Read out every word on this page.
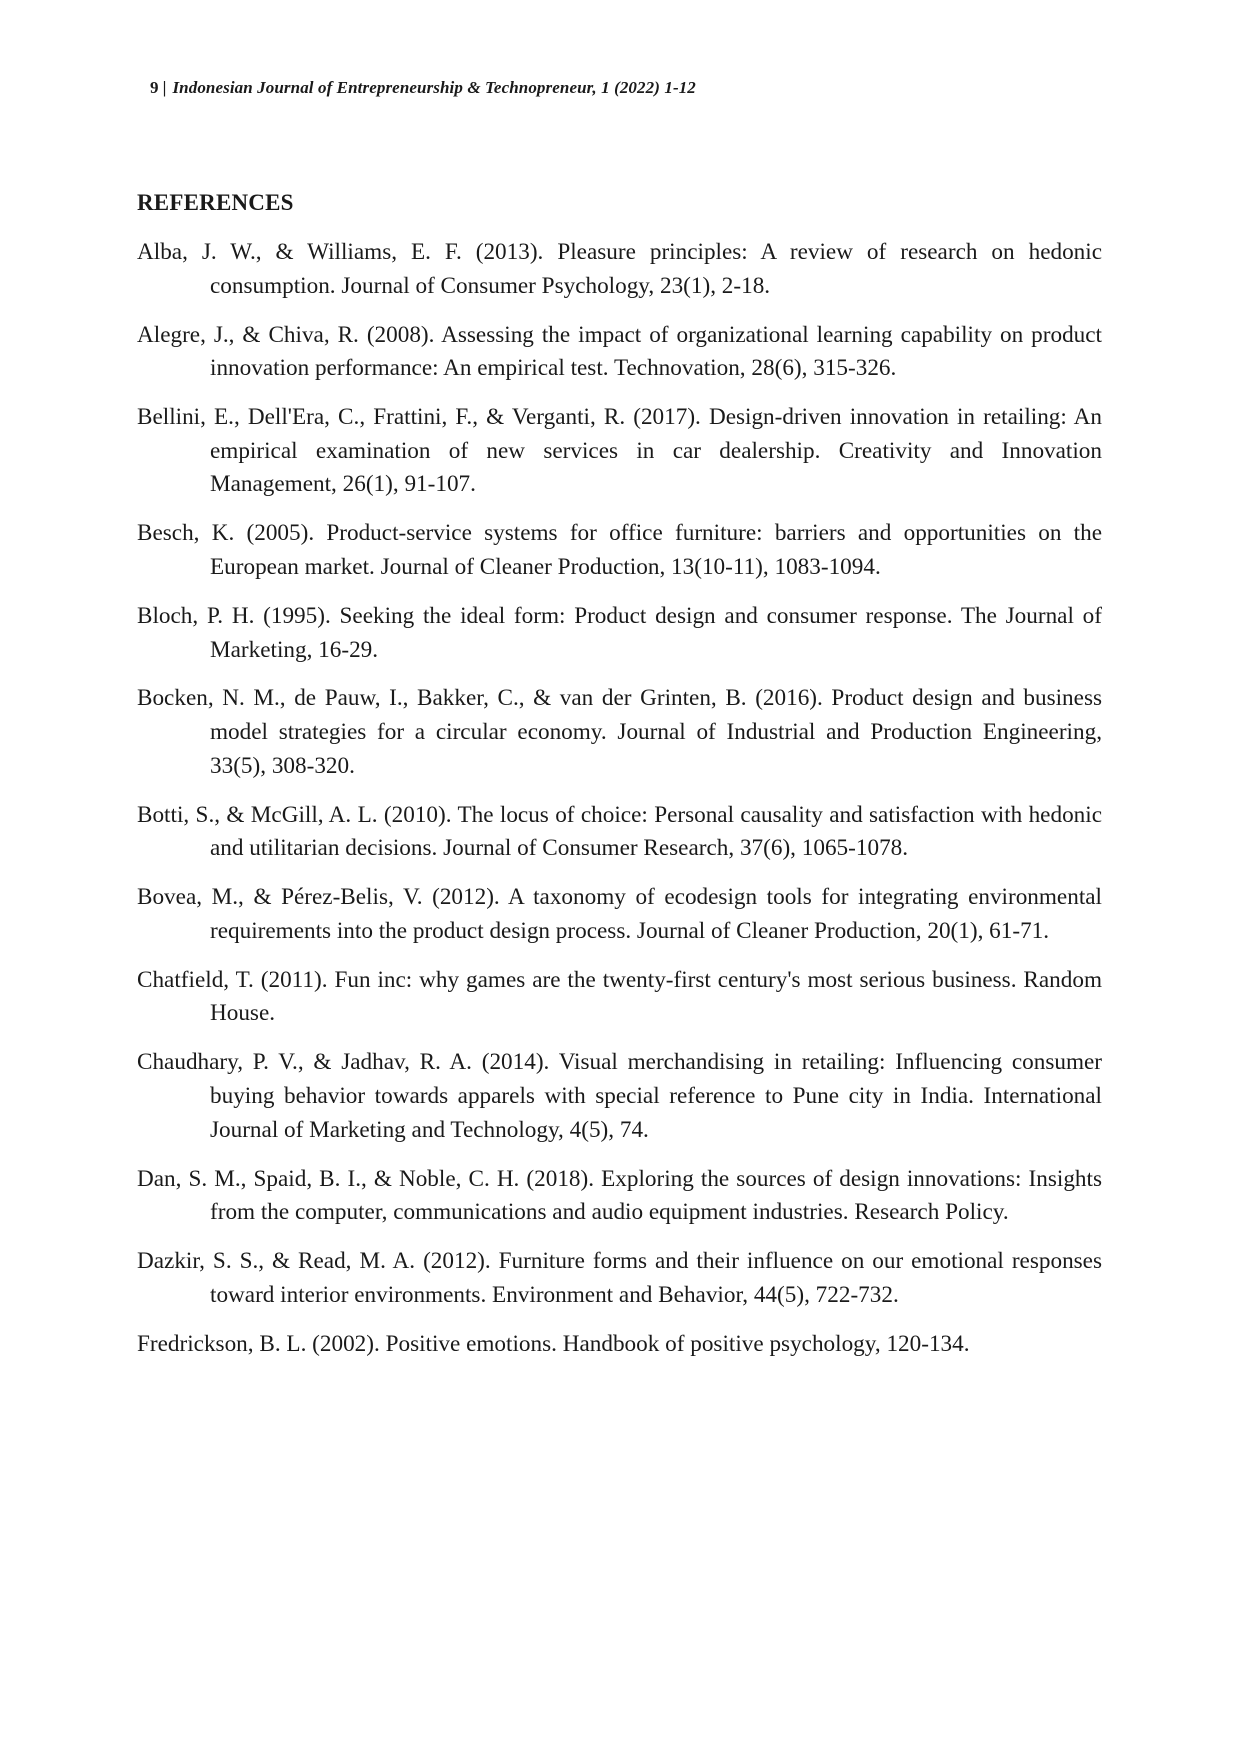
9 | Indonesian Journal of Entrepreneurship & Technopreneur, 1 (2022) 1-12
REFERENCES
Alba, J. W., & Williams, E. F. (2013). Pleasure principles: A review of research on hedonic consumption. Journal of Consumer Psychology, 23(1), 2-18.
Alegre, J., & Chiva, R. (2008). Assessing the impact of organizational learning capability on product innovation performance: An empirical test. Technovation, 28(6), 315-326.
Bellini, E., Dell'Era, C., Frattini, F., & Verganti, R. (2017). Design-driven innovation in retailing: An empirical examination of new services in car dealership. Creativity and Innovation Management, 26(1), 91-107.
Besch, K. (2005). Product-service systems for office furniture: barriers and opportunities on the European market. Journal of Cleaner Production, 13(10-11), 1083-1094.
Bloch, P. H. (1995). Seeking the ideal form: Product design and consumer response. The Journal of Marketing, 16-29.
Bocken, N. M., de Pauw, I., Bakker, C., & van der Grinten, B. (2016). Product design and business model strategies for a circular economy. Journal of Industrial and Production Engineering, 33(5), 308-320.
Botti, S., & McGill, A. L. (2010). The locus of choice: Personal causality and satisfaction with hedonic and utilitarian decisions. Journal of Consumer Research, 37(6), 1065-1078.
Bovea, M., & Pérez-Belis, V. (2012). A taxonomy of ecodesign tools for integrating environmental requirements into the product design process. Journal of Cleaner Production, 20(1), 61-71.
Chatfield, T. (2011). Fun inc: why games are the twenty-first century's most serious business. Random House.
Chaudhary, P. V., & Jadhav, R. A. (2014). Visual merchandising in retailing: Influencing consumer buying behavior towards apparels with special reference to Pune city in India. International Journal of Marketing and Technology, 4(5), 74.
Dan, S. M., Spaid, B. I., & Noble, C. H. (2018). Exploring the sources of design innovations: Insights from the computer, communications and audio equipment industries. Research Policy.
Dazkir, S. S., & Read, M. A. (2012). Furniture forms and their influence on our emotional responses toward interior environments. Environment and Behavior, 44(5), 722-732.
Fredrickson, B. L. (2002). Positive emotions. Handbook of positive psychology, 120-134.
